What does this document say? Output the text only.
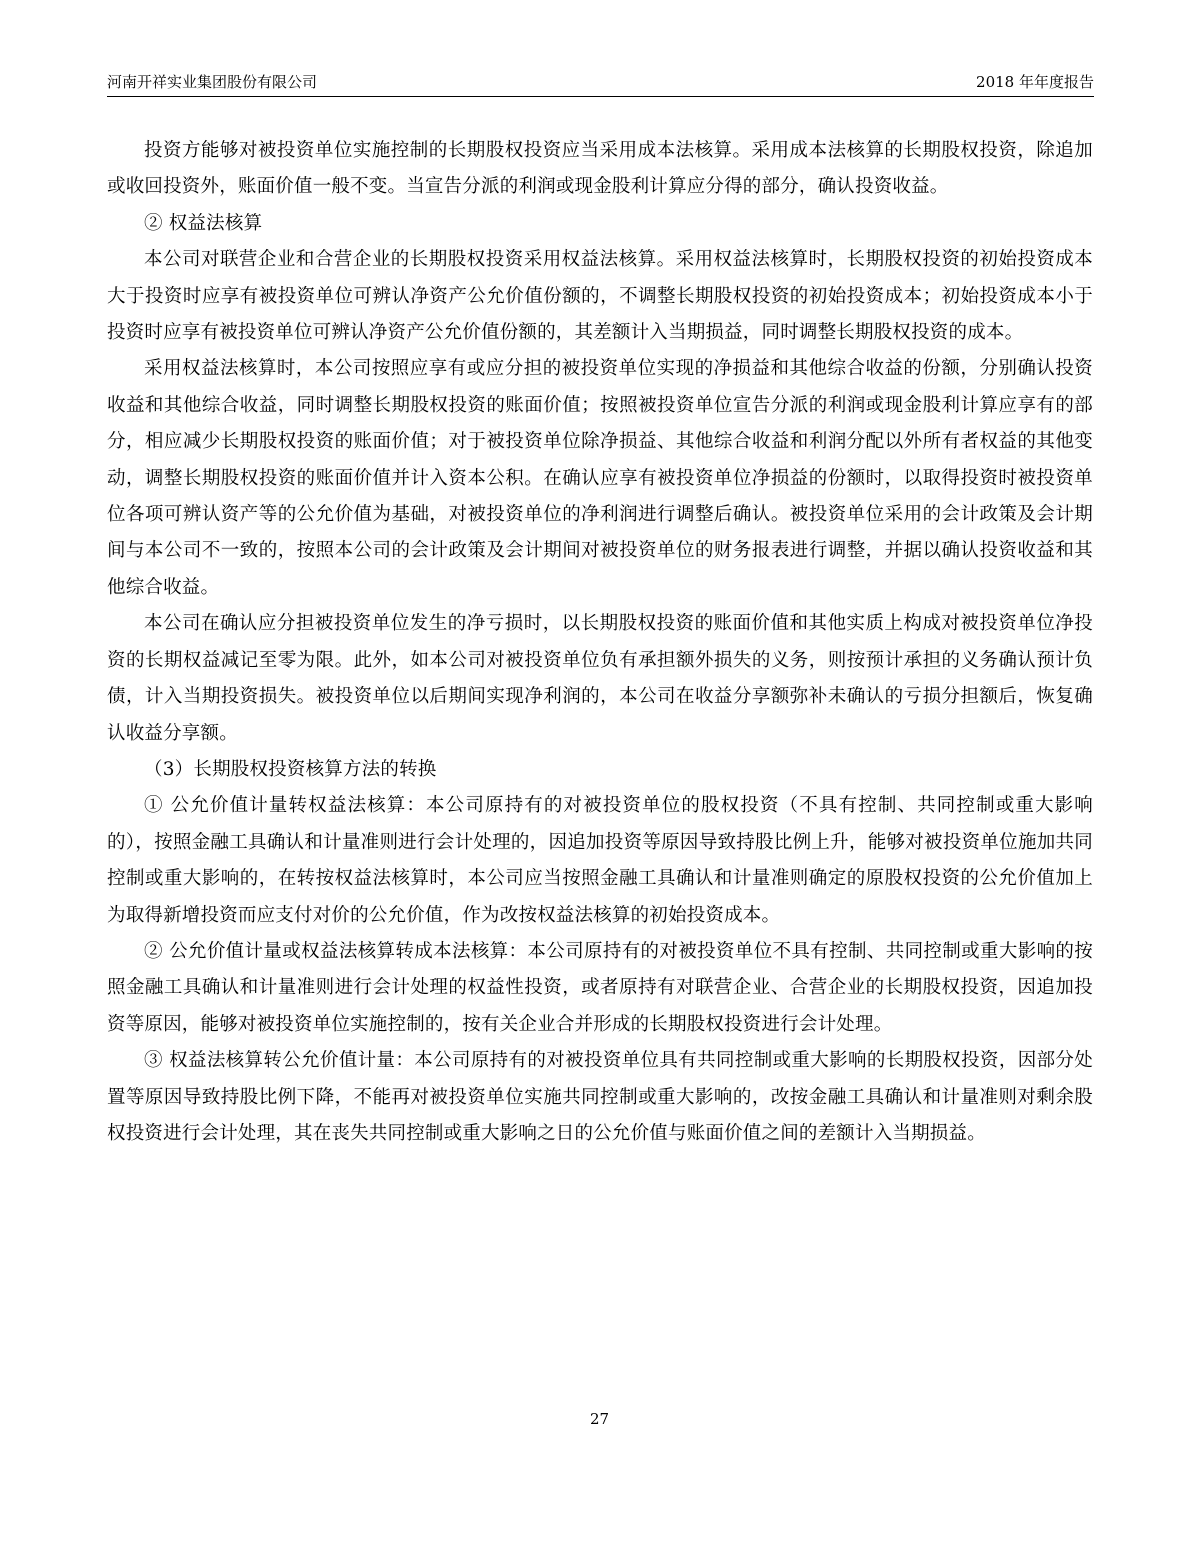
河南开祥实业集团股份有限公司	2018 年年度报告

投资方能够对被投资单位实施控制的长期股权投资应当采用成本法核算。采用成本法核算的长期股权投资，除追加或收回投资外，账面价值一般不变。当宣告分派的利润或现金股利计算应分得的部分，确认投资收益。

② 权益法核算

本公司对联营企业和合营企业的长期股权投资采用权益法核算。采用权益法核算时，长期股权投资的初始投资成本大于投资时应享有被投资单位可辨认净资产公允价值份额的，不调整长期股权投资的初始投资成本；初始投资成本小于投资时应享有被投资单位可辨认净资产公允价值份额的，其差额计入当期损益，同时调整长期股权投资的成本。

采用权益法核算时，本公司按照应享有或应分担的被投资单位实现的净损益和其他综合收益的份额，分别确认投资收益和其他综合收益，同时调整长期股权投资的账面价值；按照被投资单位宣告分派的利润或现金股利计算应享有的部分，相应减少长期股权投资的账面价值；对于被投资单位除净损益、其他综合收益和利润分配以外所有者权益的其他变动，调整长期股权投资的账面价值并计入资本公积。在确认应享有被投资单位净损益的份额时，以取得投资时被投资单位各项可辨认资产等的公允价值为基础，对被投资单位的净利润进行调整后确认。被投资单位采用的会计政策及会计期间与本公司不一致的，按照本公司的会计政策及会计期间对被投资单位的财务报表进行调整，并据以确认投资收益和其他综合收益。

本公司在确认应分担被投资单位发生的净亏损时，以长期股权投资的账面价值和其他实质上构成对被投资单位净投资的长期权益减记至零为限。此外，如本公司对被投资单位负有承担额外损失的义务，则按预计承担的义务确认预计负债，计入当期投资损失。被投资单位以后期间实现净利润的，本公司在收益分享额弥补未确认的亏损分担额后，恢复确认收益分享额。

（3）长期股权投资核算方法的转换

① 公允价值计量转权益法核算：本公司原持有的对被投资单位的股权投资（不具有控制、共同控制或重大影响的），按照金融工具确认和计量准则进行会计处理的，因追加投资等原因导致持股比例上升，能够对被投资单位施加共同控制或重大影响的，在转按权益法核算时，本公司应当按照金融工具确认和计量准则确定的原股权投资的公允价值加上为取得新增投资而应支付对价的公允价值，作为改按权益法核算的初始投资成本。

② 公允价值计量或权益法核算转成本法核算：本公司原持有的对被投资单位不具有控制、共同控制或重大影响的按照金融工具确认和计量准则进行会计处理的权益性投资，或者原持有对联营企业、合营企业的长期股权投资，因追加投资等原因，能够对被投资单位实施控制的，按有关企业合并形成的长期股权投资进行会计处理。

③ 权益法核算转公允价值计量：本公司原持有的对被投资单位具有共同控制或重大影响的长期股权投资，因部分处置等原因导致持股比例下降，不能再对被投资单位实施共同控制或重大影响的，改按金融工具确认和计量准则对剩余股权投资进行会计处理，其在丧失共同控制或重大影响之日的公允价值与账面价值之间的差额计入当期损益。

27
